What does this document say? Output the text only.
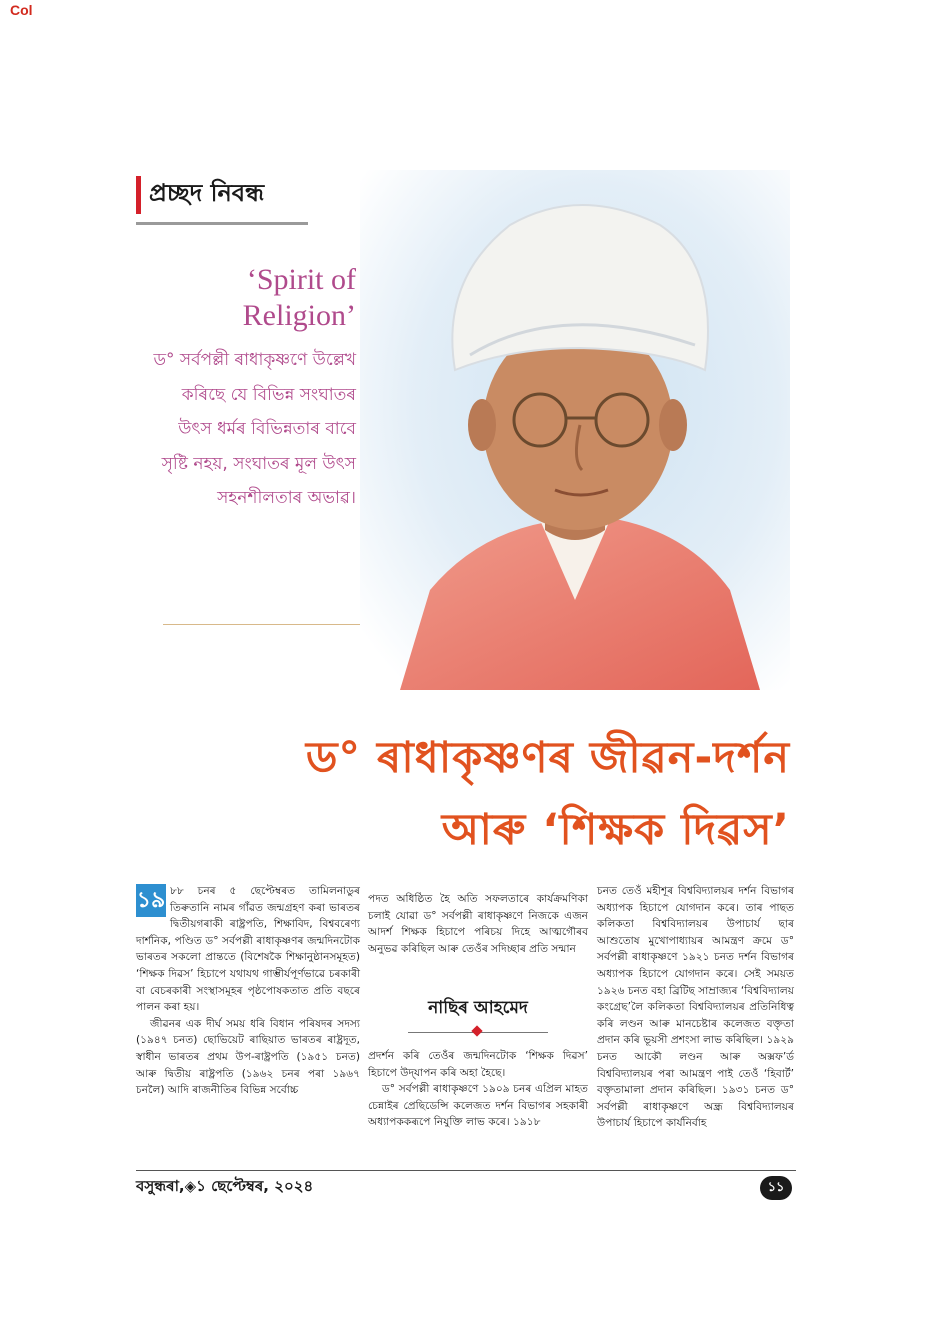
Col
প্ৰচ্ছদ নিবন্ধ
‘Spirit of Religion’
ড° সৰ্বপল্লী ৰাধাকৃষ্ণণে উল্লেখ কৰিছে যে বিভিন্ন সংঘাতৰ উৎস ধৰ্মৰ বিভিন্নতাৰ বাবে সৃষ্টি নহয়, সংঘাতৰ মূল উৎস সহনশীলতাৰ অভাৱ।
ড° ৰাধাকৃষ্ণণৰ জীৱন-দৰ্শন
আৰু ‘শিক্ষক দিৱস’
১৯ ৮৮ চনৰ ৫ ছেপ্টেম্বৰত তামিলনাডুৰ তিৰুতানি নামৰ গাঁৱত জন্মগ্ৰহণ কৰা ভাৰতৰ দ্বিতীয়গৰাকী ৰাষ্ট্ৰপতি, শিক্ষাবিদ, বিশ্ববৰেণ্য দাৰ্শনিক, পণ্ডিত ড° সৰ্বপল্লী ৰাধাকৃষ্ণণৰ জন্মদিনটোক ভাৰতৰ সকলো প্ৰান্ততে (বিশেষকৈ শিক্ষানুষ্ঠানসমূহত) ‘শিক্ষক দিৱস’ হিচাপে যথাযথ গাম্ভীৰ্যপূৰ্ণভাৱে চৰকাৰী বা বেচৰকাৰী সংস্থাসমূহৰ পৃষ্ঠপোষকতাত প্ৰতি বছৰে পালন কৰা হয়।

জীৱনৰ এক দীৰ্ঘ সময় ধৰি বিধান পৰিষদৰ সদস্য (১৯৪৭ চনত) ছোভিয়েট ৰাছিয়াত ভাৰতৰ ৰাষ্ট্ৰদূত, স্বাধীন ভাৰতৰ প্ৰথম উপ-ৰাষ্ট্ৰপতি (১৯৫১ চনত) আৰু দ্বিতীয় ৰাষ্ট্ৰপতি (১৯৬২ চনৰ পৰা ১৯৬৭ চনলৈ) আদি ৰাজনীতিৰ বিভিন্ন সৰ্বোচ্চ

পদত অধিষ্ঠিত হৈ অতি সফলতাৰে কাৰ্যক্ৰমণিকা চলাই যোৱা ড° সৰ্বপল্লী ৰাধাকৃষ্ণণে নিজকে এজন আদৰ্শ শিক্ষক হিচাপে পৰিচয় দিহে আত্মগৌৰব অনুভৱ কৰিছিল আৰু তেওঁৰ সদিচ্ছাৰ প্ৰতি সন্মান

নাছিৰ আহমেদ

প্ৰদৰ্শন কৰি তেওঁৰ জন্মদিনটোক ‘শিক্ষক দিৱস’ হিচাপে উদ্‌যাপন কৰি অহা হৈছে।

ড° সৰ্বপল্লী ৰাধাকৃষ্ণণে ১৯০৯ চনৰ এপ্ৰিল মাহত চেন্নাইৰ প্ৰেছিডেন্সি কলেজত দৰ্শন বিভাগৰ সহকাৰী অধ্যাপককৰূপে নিযুক্তি লাভ কৰে। ১৯১৮

চনত তেওঁ মহীশূৰ বিশ্ববিদ্যালয়ৰ দৰ্শন বিভাগৰ অধ্যাপক হিচাপে যোগদান কৰে। তাৰ পাছত কলিকতা বিশ্ববিদ্যালয়ৰ উপাচাৰ্য ছাৰ আশুতোষ মুখোপাধ্যায়ৰ আমন্ত্ৰণ ক্ৰমে ড° সৰ্বপল্লী ৰাধাকৃষ্ণণে ১৯২১ চনত দৰ্শন বিভাগৰ অধ্যাপক হিচাপে যোগদান কৰে। সেই সময়ত ১৯২৬ চনত বহা ব্ৰিটিছ সাম্ৰাজ্যৰ ‘বিশ্ববিদ্যালয় কংগ্ৰেছ’লৈ কলিকতা বিশ্ববিদ্যালয়ৰ প্ৰতিনিধিত্ব কৰি লণ্ডন আৰু মানচেষ্টাৰ কলেজত বক্তৃতা প্ৰদান কৰি ভূয়সী প্ৰশংসা লাভ কৰিছিল। ১৯২৯ চনত আকৌ লণ্ডন আৰু অক্সফ’ৰ্ড বিশ্ববিদ্যালয়ৰ পৰা আমন্ত্ৰণ পাই তেওঁ ‘হিবাৰ্ট’ বক্তৃতামালা প্ৰদান কৰিছিল। ১৯৩১ চনত ড° সৰ্বপল্লী ৰাধাকৃষ্ণণে অন্ধ্ৰ বিশ্ববিদ্যালয়ৰ উপাচাৰ্য হিচাপে কাৰ্যনিৰ্বাহ

বসুন্ধৰা,◈১ ছেপ্টেম্বৰ, ২০২৪	১১
